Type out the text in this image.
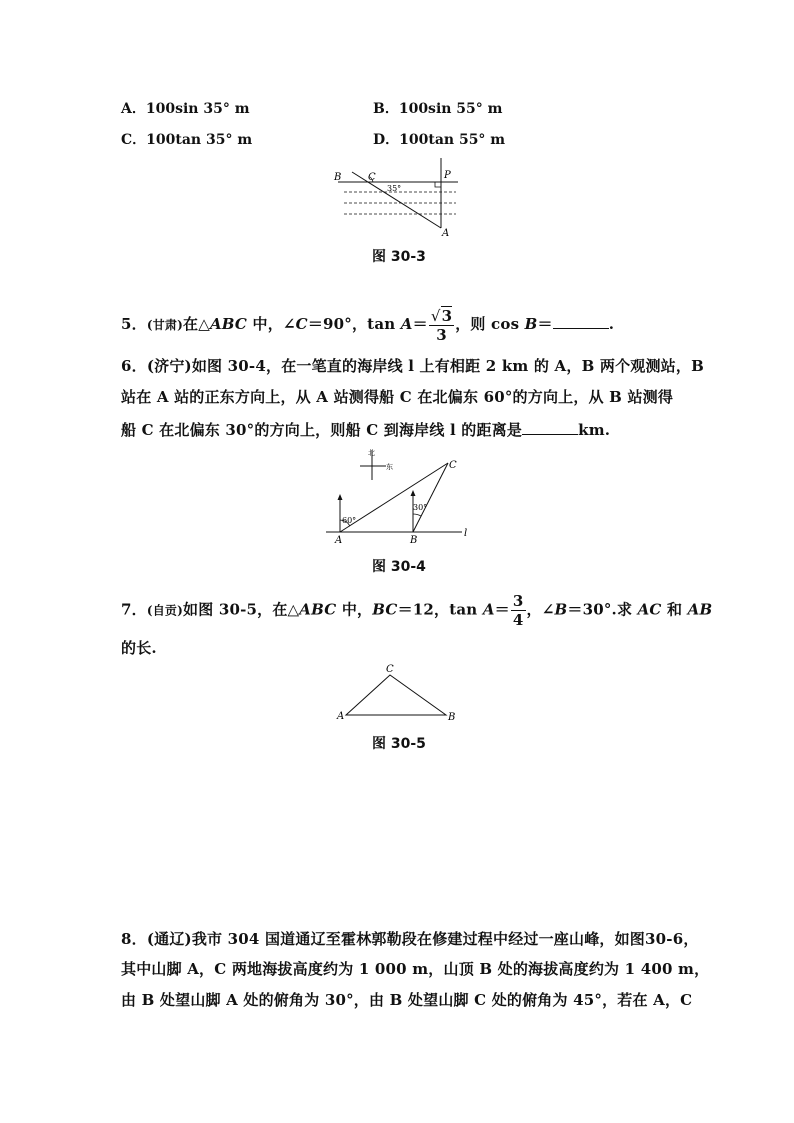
A．100sin 35° m	B．100sin 55° m
C．100tan 35° m	D．100tan 55° m
B	C	P
A
35°
图 30-3
5．(甘肃)在△ABC 中，∠C＝90°，$\tan A= \frac{√3}{3}$ ，则 cos B＝	.
6．(济宁)如图 30-4，在一笔直的海岸线 l 上有相距 2 km 的 A，B 两个观测站，B
站在 A 站的正东方向上，从 A 站测得船 C 在北偏东 60°的方向上，从 B 站测得
船 C 在北偏东 30°的方向上，则船 C 到海岸线 l 的距离是	km.
北
东
60°
30°
C
A	B
l
图 30-4
7．(自贡)如图 30-5，在△ABC 中，BC＝12，$\tan A= \frac{3}{4}$ ，∠B＝30°.求 AC 和 AB
的长.
C
A	B
图 30-5
8．(通辽)我市 304 国道通辽至霍林郭勒段在修建过程中经过一座山峰，如图30-6，
其中山脚 A，C 两地海拔高度约为 1 000 m，山顶 B 处的海拔高度约为 1 400 m，
由 B 处望山脚 A 处的俯角为 30°，由 B 处望山脚 C 处的俯角为 45°，若在 A，C
